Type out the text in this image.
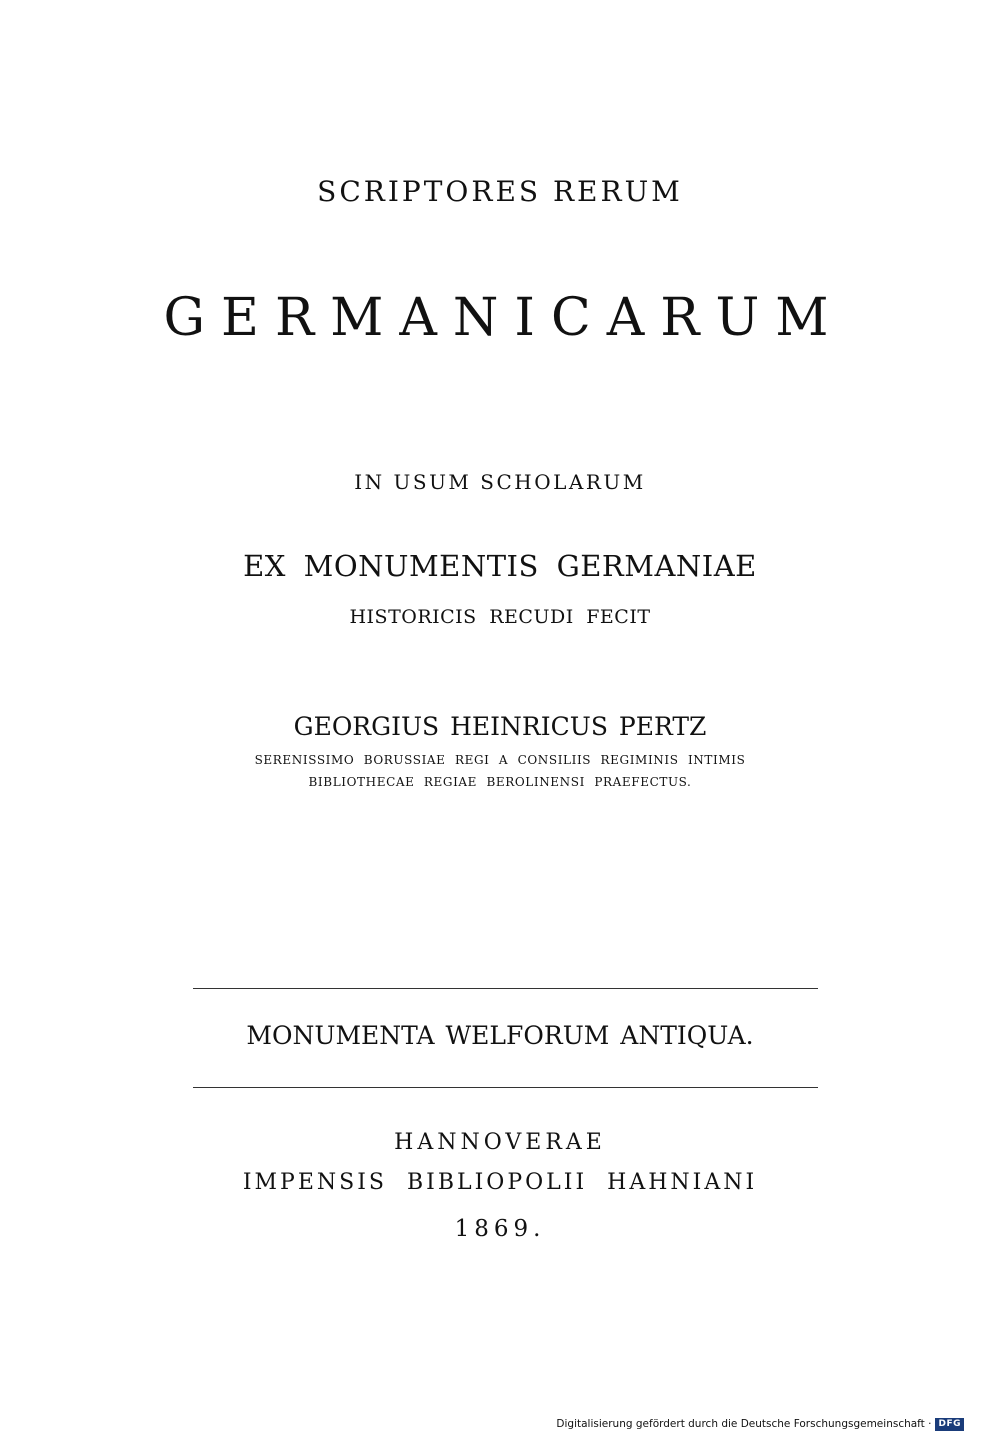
SCRIPTORES RERUM
GERMANICARUM
IN USUM SCHOLARUM
EX MONUMENTIS GERMANIAE
HISTORICIS RECUDI FECIT
GEORGIUS HEINRICUS PERTZ
SERENISSIMO BORUSSIAE REGI A CONSILIIS REGIMINIS INTIMIS
BIBLIOTHECAE REGIAE BEROLINENSI PRAEFECTUS.
MONUMENTA WELFORUM ANTIQUA.
HANNOVERAE
IMPENSIS BIBLIOPOLII HAHNIANI
1869.
Digitalisierung gefördert durch die Deutsche Forschungsgemeinschaft · DFG
